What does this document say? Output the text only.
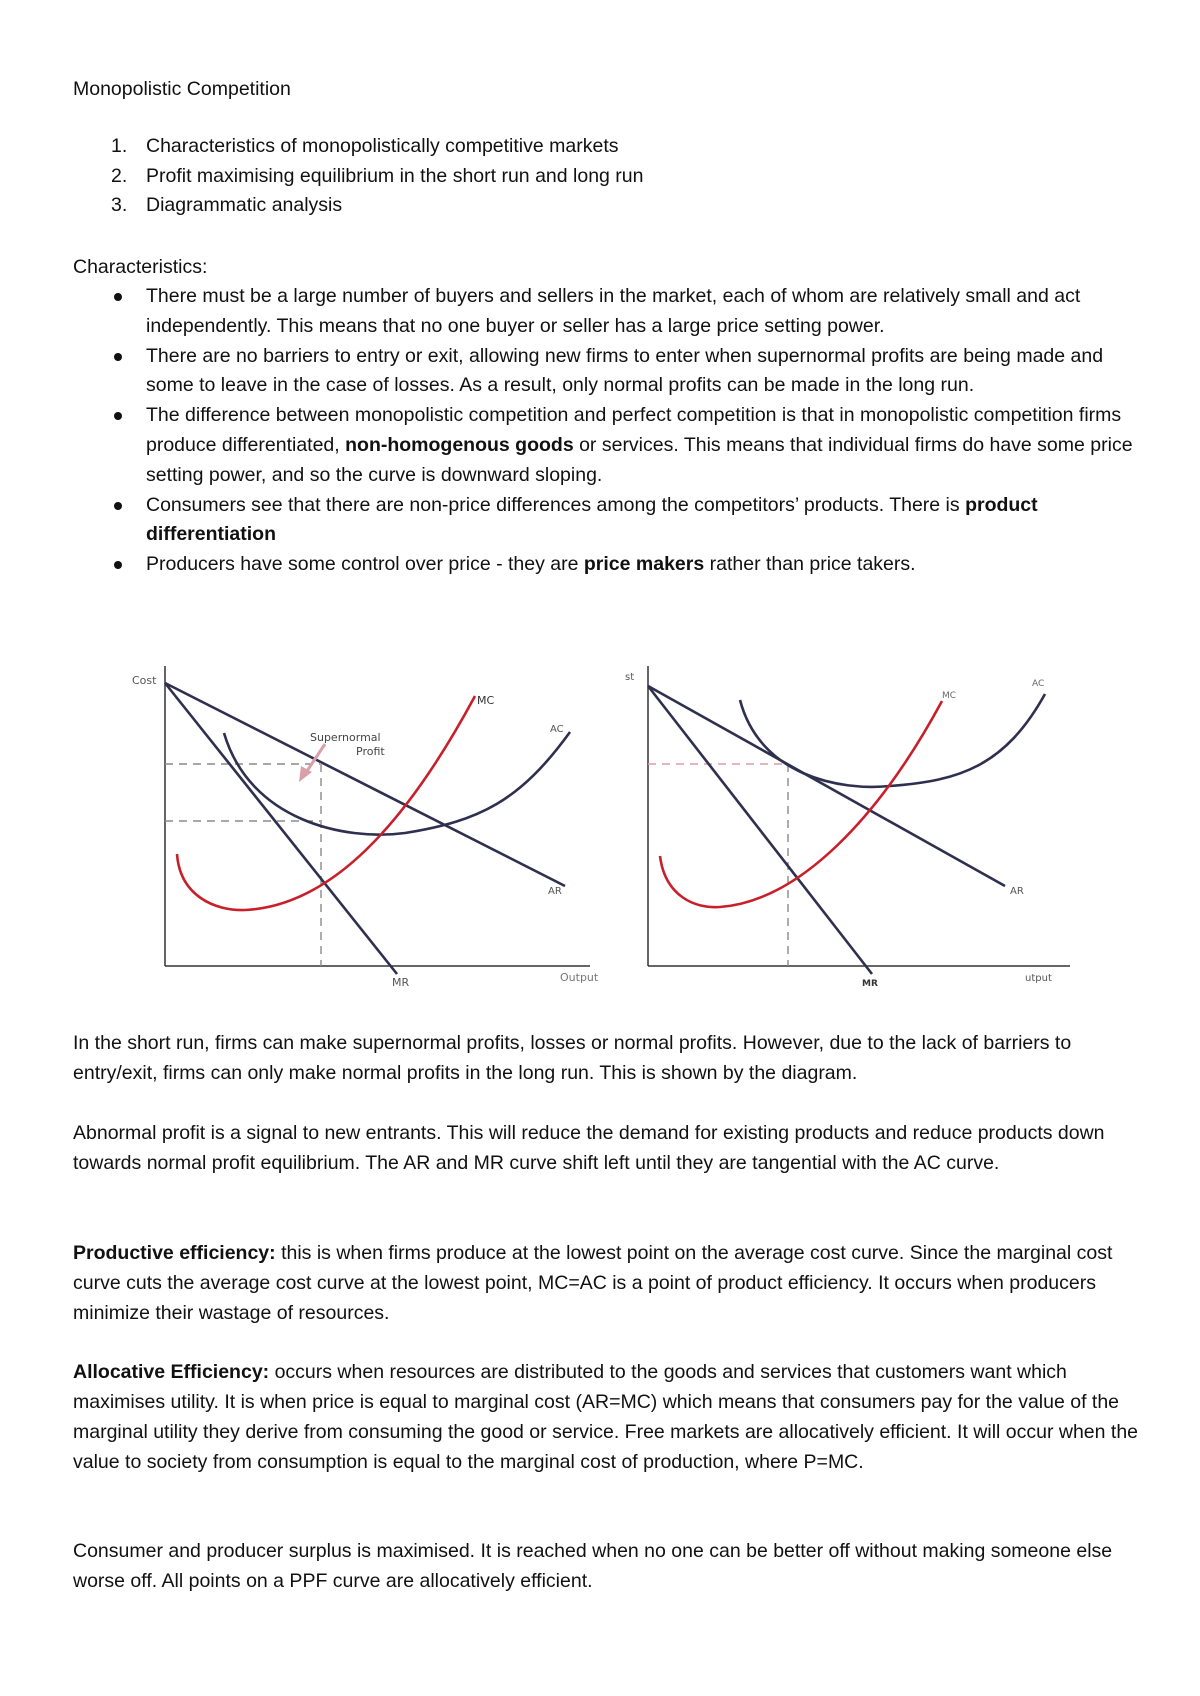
Monopolistic Competition
1. Characteristics of monopolistically competitive markets
2. Profit maximising equilibrium in the short run and long run
3. Diagrammatic analysis
Characteristics:
There must be a large number of buyers and sellers in the market, each of whom are relatively small and act independently. This means that no one buyer or seller has a large price setting power.
There are no barriers to entry or exit, allowing new firms to enter when supernormal profits are being made and some to leave in the case of losses. As a result, only normal profits can be made in the long run.
The difference between monopolistic competition and perfect competition is that in monopolistic competition firms produce differentiated, non-homogenous goods or services. This means that individual firms do have some price setting power, and so the curve is downward sloping.
Consumers see that there are non-price differences among the competitors’ products. There is product differentiation
Producers have some control over price - they are price makers rather than price takers.
Cost
Output
MC
AC
AR
MR
Supernormal
Profit
st
utput
MC
AC
AR
MR

In the short run, firms can make supernormal profits, losses or normal profits. However, due to the lack of barriers to entry/exit, firms can only make normal profits in the long run. This is shown by the diagram.

Abnormal profit is a signal to new entrants. This will reduce the demand for existing products and reduce products down towards normal profit equilibrium. The AR and MR curve shift left until they are tangential with the AC curve.

Productive efficiency: this is when firms produce at the lowest point on the average cost curve. Since the marginal cost curve cuts the average cost curve at the lowest point, MC=AC is a point of product efficiency. It occurs when producers minimize their wastage of resources.

Allocative Efficiency: occurs when resources are distributed to the goods and services that customers want which maximises utility. It is when price is equal to marginal cost (AR=MC) which means that consumers pay for the value of the marginal utility they derive from consuming the good or service. Free markets are allocatively efficient. It will occur when the value to society from consumption is equal to the marginal cost of production, where P=MC.

Consumer and producer surplus is maximised. It is reached when no one can be better off without making someone else worse off. All points on a PPF curve are allocatively efficient.
